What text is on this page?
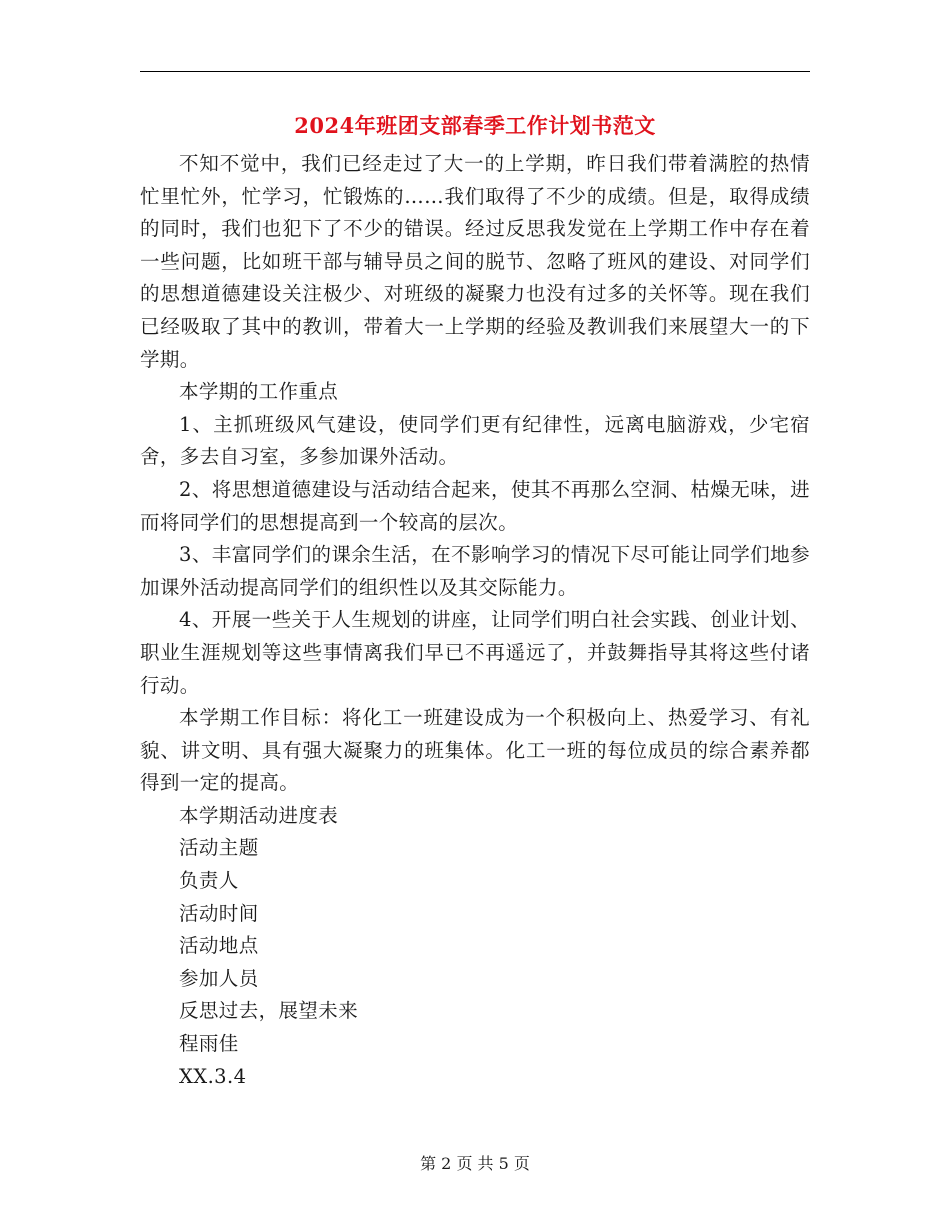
2024年班团支部春季工作计划书范文

不知不觉中，我们已经走过了大一的上学期，昨日我们带着满腔的热情忙里忙外，忙学习，忙锻炼的……我们取得了不少的成绩。但是，取得成绩的同时，我们也犯下了不少的错误。经过反思我发觉在上学期工作中存在着一些问题，比如班干部与辅导员之间的脱节、忽略了班风的建设、对同学们的思想道德建设关注极少、对班级的凝聚力也没有过多的关怀等。现在我们已经吸取了其中的教训，带着大一上学期的经验及教训我们来展望大一的下学期。

本学期的工作重点

1、主抓班级风气建设，使同学们更有纪律性，远离电脑游戏，少宅宿舍，多去自习室，多参加课外活动。

2、将思想道德建设与活动结合起来，使其不再那么空洞、枯燥无味，进而将同学们的思想提高到一个较高的层次。

3、丰富同学们的课余生活，在不影响学习的情况下尽可能让同学们地参加课外活动提高同学们的组织性以及其交际能力。

4、开展一些关于人生规划的讲座，让同学们明白社会实践、创业计划、职业生涯规划等这些事情离我们早已不再遥远了，并鼓舞指导其将这些付诸行动。

本学期工作目标：将化工一班建设成为一个积极向上、热爱学习、有礼貌、讲文明、具有强大凝聚力的班集体。化工一班的每位成员的综合素养都得到一定的提高。

本学期活动进度表

活动主题

负责人

活动时间

活动地点

参加人员

反思过去，展望未来

程雨佳

XX.3.4

第 2 页 共 5 页
